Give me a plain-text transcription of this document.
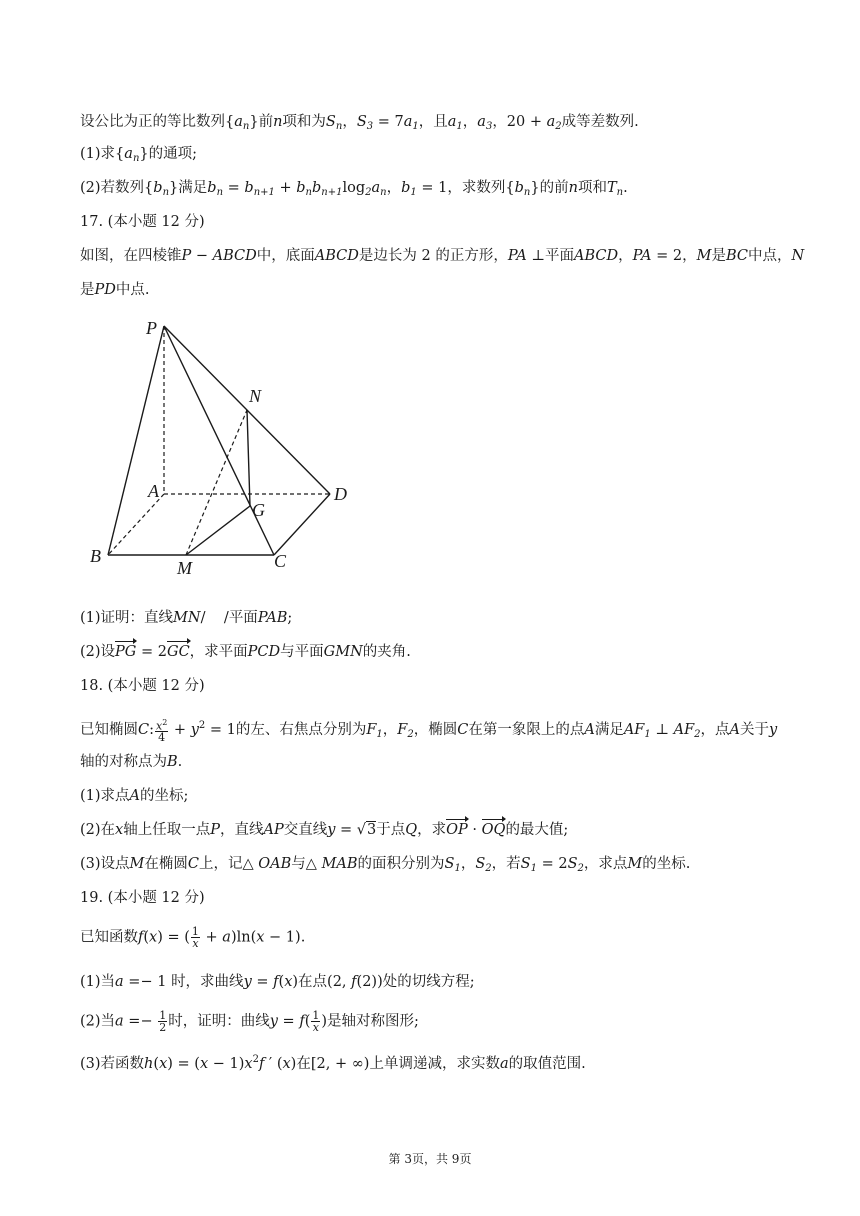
设公比为正的等比数列$\{a_n\}$前n项和为$S_n$，$S_3 = 7a_1$，且$a_1$，$a_3$，$20 + a_2$成等差数列.
(1)求$\{a_n\}$的通项;
(2)若数列$\{b_n\}$满足$b_n = b_{n+1} + b_nb_{n+1}\log_2a_n$，$b_1 = 1$，求数列$\{b_n\}$的前n项和$T_n$.
17. (本小题 12 分)
如图，在四棱锥P − ABCD中，底面ABCD是边长为 2 的正方形，PA ⊥平面ABCD，PA = 2，M是BC中点，N
是PD中点.
P
N
A	D
G
B
M	C
(1)证明：直线MN/    /平面PAB;
(2)设PG = 2GC，求平面PCD与平面GMN的夹角.
18. (本小题 12 分)
已知椭圆C: $\frac{x^2}{4} + y^2 = 1$的左、右焦点分别为$F_1$，$F_2$，椭圆C在第一象限上的点A满足$AF_1$ ⊥ $AF_2$，点A关于y
轴的对称点为B.
(1)求点A的坐标;
(2)在x轴上任取一点P，直线AP交直线y = √3于点Q，求OP · OQ的最大值;
(3)设点M在椭圆C上，记△ OAB与△ MAB的面积分别为$S_1$，$S_2$，若$S_1 = 2S_2$，求点M的坐标.
19. (本小题 12 分)
已知函数f(x) = ( $\frac{1}{x} + a)\ln(x - 1)$.
(1)当a =− 1 时，求曲线y = f(x)在点(2, f(2))处的切线方程;
(2)当$a =- \frac{1}{2}$ 时，证明：曲线$y = f( \frac{1}{x}$ )是轴对称图形;
(3)若函数$h(x) = (x - 1)x^2f$ ′ (x)在[2, + ∞)上单调递减，求实数a的取值范围.
第 3页，共 9页
